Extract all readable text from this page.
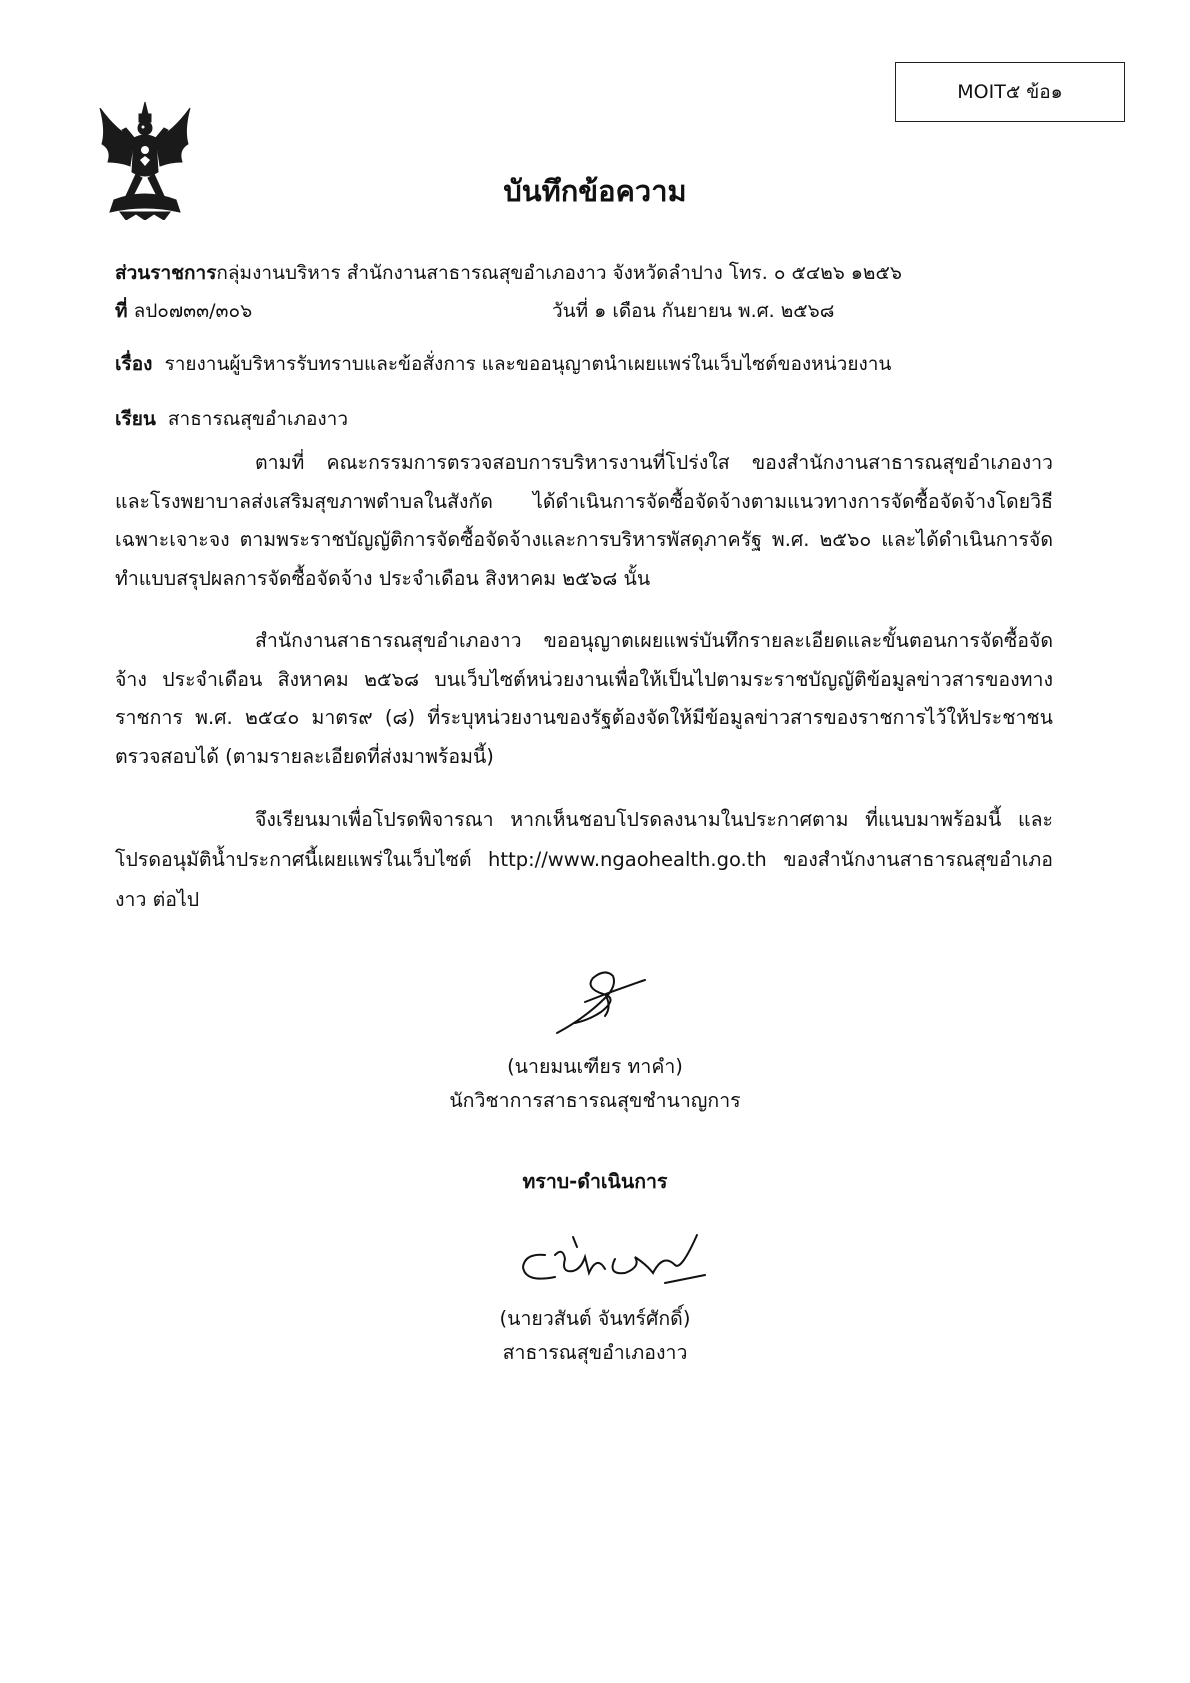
MOIT๕ ข้อ๑
บันทึกข้อความ
ส่วนราชการกลุ่มงานบริหาร สำนักงานสาธารณสุขอำเภองาว จังหวัดลำปาง โทร. ๐ ๕๔๒๖ ๑๒๕๖
ที่ ลป๐๗๓๓/๓๐๖	วันที่ ๑ เดือน กันยายน พ.ศ. ๒๕๖๘
เรื่อง รายงานผู้บริหารรับทราบและข้อสั่งการ และขออนุญาตนำเผยแพร่ในเว็บไซต์ของหน่วยงาน
เรียน สาธารณสุขอำเภองาว

ตามที่ คณะกรรมการตรวจสอบการบริหารงานที่โปร่งใส ของสำนักงานสาธารณสุขอำเภองาว และโรงพยาบาลส่งเสริมสุขภาพตำบลในสังกัด ได้ดำเนินการจัดซื้อจัดจ้างตามแนวทางการจัดซื้อจัดจ้างโดยวิธีเฉพาะเจาะจง ตามพระราชบัญญัติการจัดซื้อจัดจ้างและการบริหารพัสดุภาครัฐ พ.ศ. ๒๕๖๐ และได้ดำเนินการจัดทำแบบสรุปผลการจัดซื้อจัดจ้าง ประจำเดือน สิงหาคม ๒๕๖๘ นั้น

สำนักงานสาธารณสุขอำเภองาว ขออนุญาตเผยแพร่บันทึกรายละเอียดและขั้นตอนการจัดซื้อจัดจ้าง ประจำเดือน สิงหาคม ๒๕๖๘ บนเว็บไซต์หน่วยงานเพื่อให้เป็นไปตามระราชบัญญัติข้อมูลข่าวสารของทางราชการ พ.ศ. ๒๕๔๐ มาตร๙ (๘) ที่ระบุหน่วยงานของรัฐต้องจัดให้มีข้อมูลข่าวสารของราชการไว้ให้ประชาชนตรวจสอบได้ (ตามรายละเอียดที่ส่งมาพร้อมนี้)

จึงเรียนมาเพื่อโปรดพิจารณา หากเห็นชอบโปรดลงนามในประกาศตาม ที่แนบมาพร้อมนี้ และโปรดอนุมัติน้ำประกาศนี้เผยแพร่ในเว็บไซต์ http://www.ngaohealth.go.th ของสำนักงานสาธารณสุขอำเภองาว ต่อไป

(นายมนเฑียร ทาคำ)
นักวิชาการสาธารณสุขชำนาญการ
ทราบ-ดำเนินการ
(นายวสันต์ จันทร์ศักดิ์)
สาธารณสุขอำเภองาว
